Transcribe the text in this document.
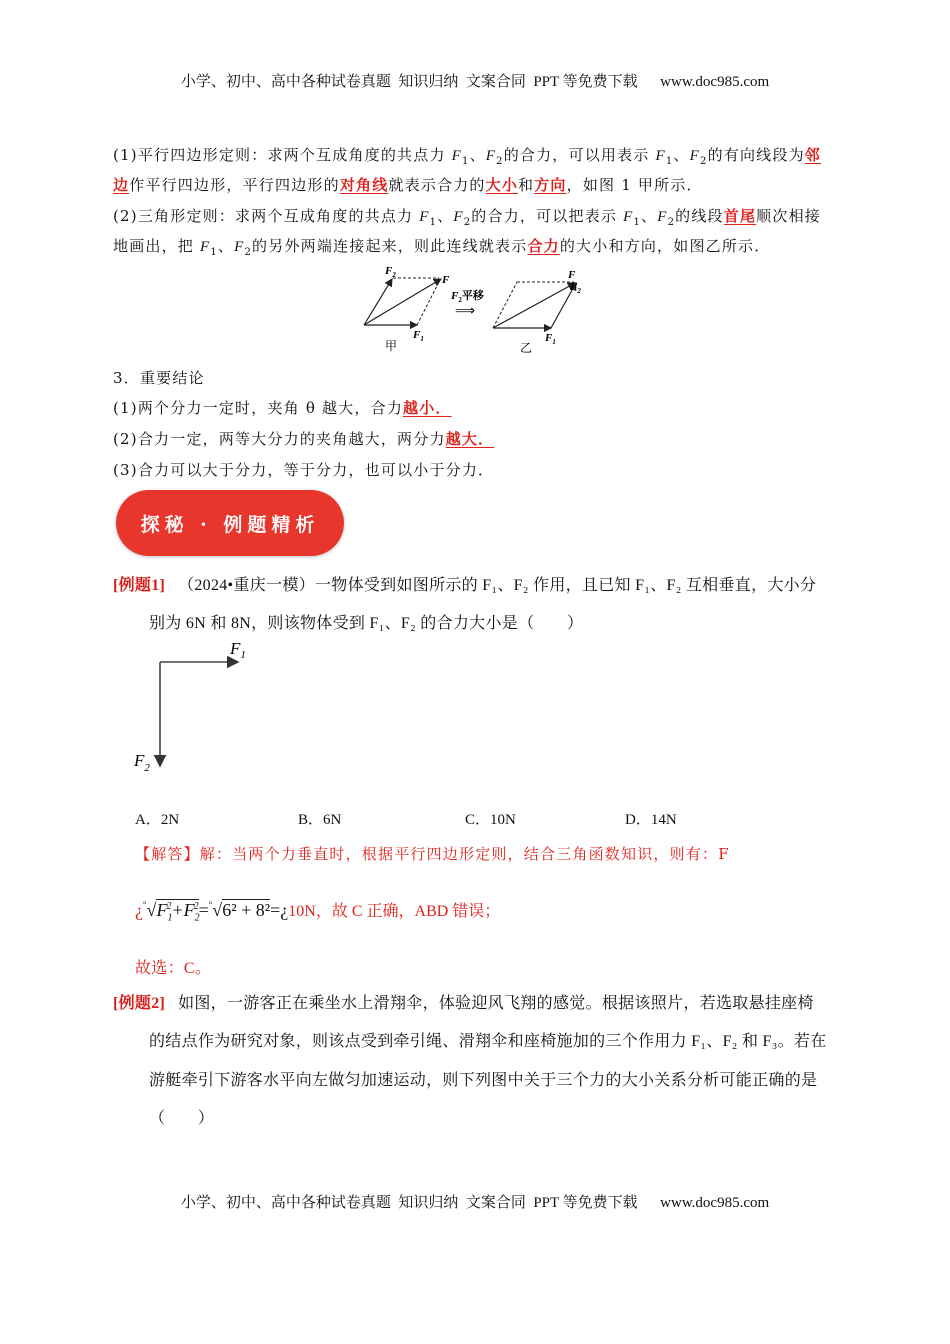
小学、初中、高中各种试卷真题  知识归纳  文案合同  PPT 等免费下载      www.doc985.com
(1)平行四边形定则：求两个互成角度的共点力 $F_1$、$F_2$的合力，可以用表示 $F_1$、$F_2$的有向线段为邻
边作平行四边形，平行四边形的对角线就表示合力的大小和方向，如图 1 甲所示．
(2)三角形定则：求两个互成角度的共点力 $F_1$、$F_2$的合力，可以把表示 $F_1$、$F_2$的线段首尾顺次相接
地画出，把 $F_1$、$F_2$的另外两端连接起来，则此连线就表示合力的大小和方向，如图乙所示．
$F_2$	F
$F_1$
甲
$F_2$平移
⟹
F
$F_2$
$F_1$
乙
3．重要结论
(1)两个分力一定时，夹角 θ 越大，合力越小．
(2)合力一定，两等大分力的夹角越大，两分力越大．
(3)合力可以大于分力，等于分力，也可以小于分力．
探秘 · 例题精析
[例题1] （2024•重庆一模）一物体受到如图所示的 F₁、F₂ 作用，且已知 F₁、F₂ 互相垂直，大小分
别为 6N 和 8N，则该物体受到 F₁、F₂ 的合力大小是（　　）
$F_1$
$F_2$
A．2N	B．6N	C．10N	D．14N
【解答】解：当两个力垂直时，根据平行四边形定则，结合三角函数知识，则有：F
¿$^▫√F_1^2+F_2^2=^▫√6^2$ + 8²=¿10N，故 C 正确，ABD 错误；
故选：C。
[例题2] 如图，一游客正在乘坐水上滑翔伞，体验迎风飞翔的感觉。根据该照片，若选取悬挂座椅
的结点作为研究对象，则该点受到牵引绳、滑翔伞和座椅施加的三个作用力 F₁、F₂ 和 F₃。若在
游艇牵引下游客水平向左做匀加速运动，则下列图中关于三个力的大小关系分析可能正确的是
（　　）
小学、初中、高中各种试卷真题  知识归纳  文案合同  PPT 等免费下载      www.doc985.com
